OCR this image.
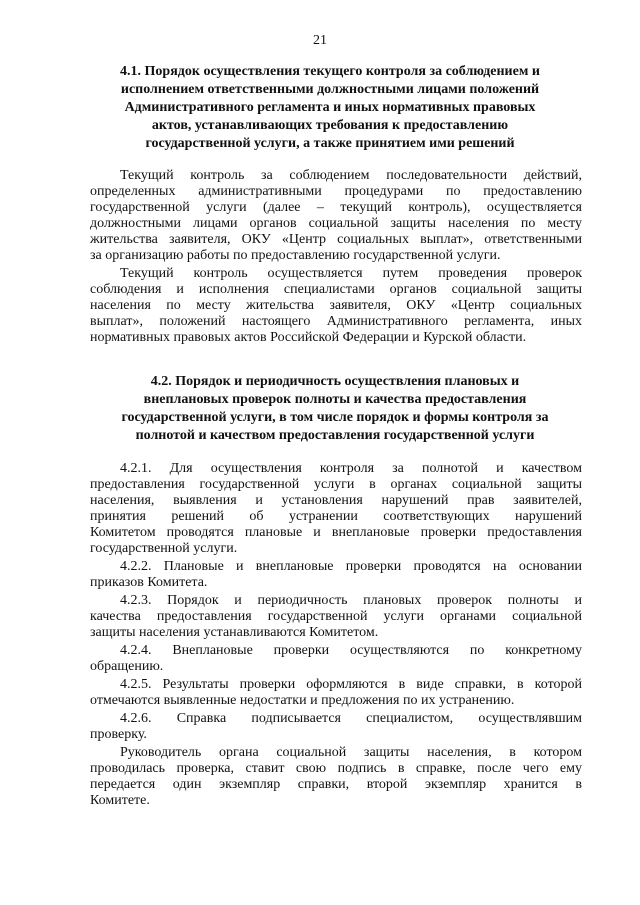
21
4.1. Порядок осуществления текущего контроля за соблюдением и
исполнением ответственными должностными лицами положений
Административного регламента и иных нормативных правовых
актов, устанавливающих требования к предоставлению
государственной услуги, а также принятием ими решений
Текущий контроль за соблюдением последовательности действий,
определенных административными процедурами по предоставлению
государственной услуги (далее – текущий контроль), осуществляется
должностными лицами органов социальной защиты населения по месту
жительства заявителя, ОКУ «Центр социальных выплат», ответственными
за организацию работы по предоставлению государственной услуги.
Текущий контроль осуществляется путем проведения проверок
соблюдения и исполнения специалистами органов социальной защиты
населения по месту жительства заявителя, ОКУ «Центр социальных
выплат», положений настоящего Административного регламента, иных
нормативных правовых актов Российской Федерации и Курской области.
4.2. Порядок и периодичность осуществления плановых и
внеплановых проверок полноты и качества предоставления
государственной услуги, в том числе порядок и формы контроля за
полнотой и качеством предоставления государственной услуги
4.2.1. Для осуществления контроля за полнотой и качеством
предоставления государственной услуги в органах социальной защиты
населения, выявления и установления нарушений прав заявителей,
принятия решений об устранении соответствующих нарушений
Комитетом проводятся плановые и внеплановые проверки предоставления
государственной услуги.
4.2.2. Плановые и внеплановые проверки проводятся на основании
приказов Комитета.
4.2.3. Порядок и периодичность плановых проверок полноты и
качества предоставления государственной услуги органами социальной
защиты населения устанавливаются Комитетом.
4.2.4. Внеплановые проверки осуществляются по конкретному
обращению.
4.2.5. Результаты проверки оформляются в виде справки, в которой
отмечаются выявленные недостатки и предложения по их устранению.
4.2.6. Справка подписывается специалистом, осуществлявшим
проверку.
Руководитель органа социальной защиты населения, в котором
проводилась проверка, ставит свою подпись в справке, после чего ему
передается один экземпляр справки, второй экземпляр хранится в
Комитете.
